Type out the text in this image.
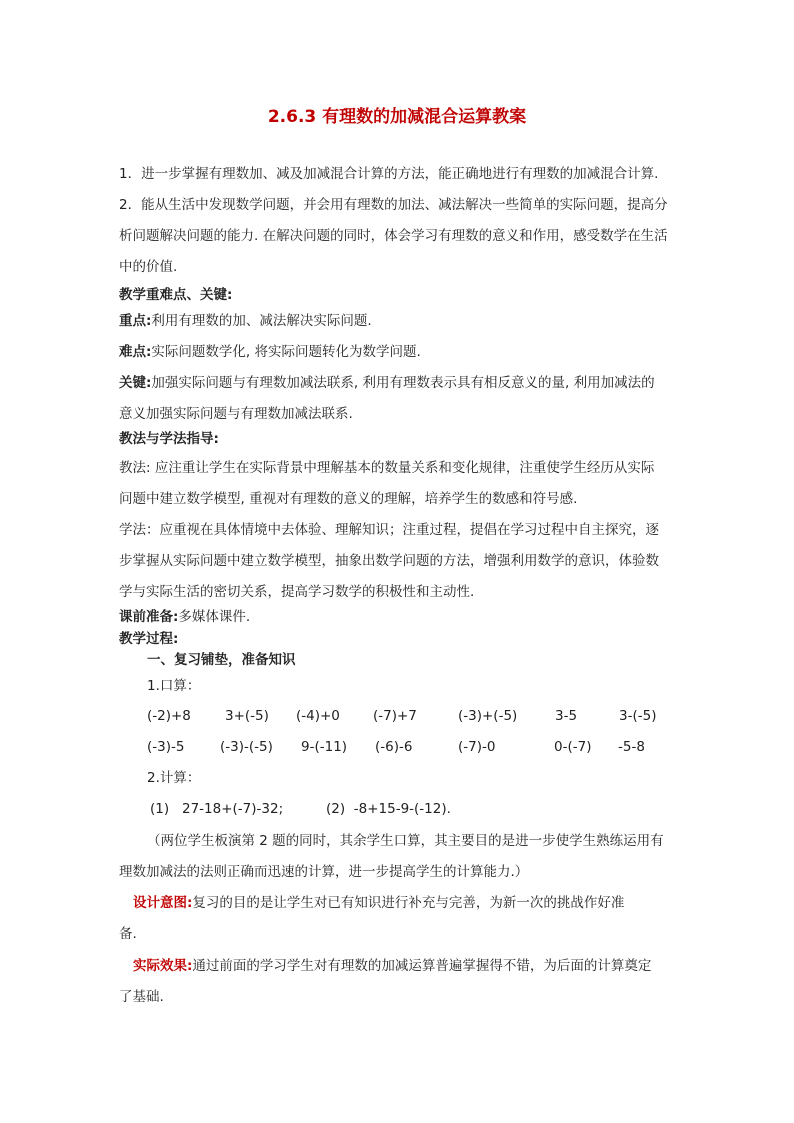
2.6.3 有理数的加减混合运算教案
1．进一步掌握有理数加、减及加减混合计算的方法，能正确地进行有理数的加减混合计算.
2．能从生活中发现数学问题，并会用有理数的加法、减法解决一些简单的实际问题，提高分
析问题解决问题的能力. 在解决问题的同时，体会学习有理数的意义和作用，感受数学在生活
中的价值.
教学重难点、关键:
重点:利用有理数的加、减法解决实际问题.
难点:实际问题数学化, 将实际问题转化为数学问题.
关键:加强实际问题与有理数加减法联系, 利用有理数表示具有相反意义的量, 利用加减法的
意义加强实际问题与有理数加减法联系.
教法与学法指导:
教法: 应注重让学生在实际背景中理解基本的数量关系和变化规律，注重使学生经历从实际
问题中建立数学模型, 重视对有理数的意义的理解，培养学生的数感和符号感.
学法：应重视在具体情境中去体验、理解知识；注重过程，提倡在学习过程中自主探究，逐
步掌握从实际问题中建立数学模型，抽象出数学问题的方法，增强利用数学的意识，体验数
学与实际生活的密切关系，提高学习数学的积极性和主动性.
课前准备:多媒体课件.
教学过程:
一、复习铺垫，准备知识
1.口算：
(-2)+8	3+(-5) (-4)+0 (-7)+7	(-3)+(-5)	3-5	3-(-5)
(-3)-5	(-3)-(-5) 9-(-11) (-6)-6	(-7)-0	0-(-7) -5-8
2.计算：
(1)   27-18+(-7)-32;          (2)  -8+15-9-(-12).
（两位学生板演第 2 题的同时，其余学生口算，其主要目的是进一步使学生熟练运用有
理数加减法的法则正确而迅速的计算，进一步提高学生的计算能力.）
设计意图:复习的目的是让学生对已有知识进行补充与完善，为新一次的挑战作好准
备.
实际效果:通过前面的学习学生对有理数的加减运算普遍掌握得不错，为后面的计算奠定
了基础.
